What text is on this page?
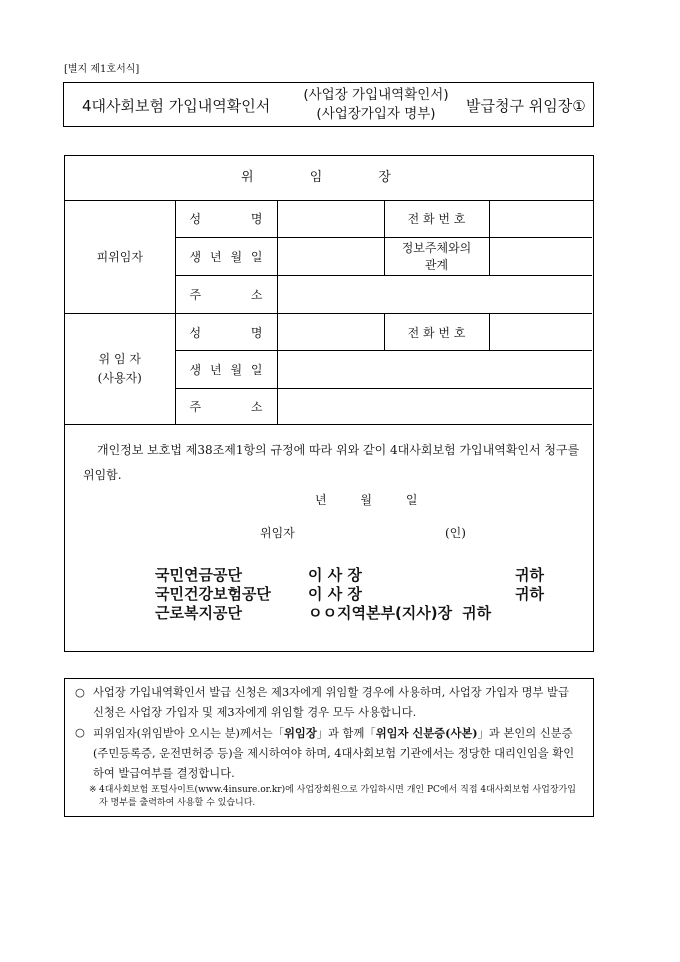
[별지 제1호서식]
4대사회보험 가입내역확인서
(사업장 가입내역확인서)
(사업장가입자 명부)	발급청구 위임장①
위 임 장
피위임자	성 명		전 화 번 호	
	생 년 월 일		정보주체와의
관계	

	주 소			

위 임 자
(사용자)	성 명		전 화 번 호	
	생 년 월 일			
	주 소			
개인정보 보호법 제38조제1항의 규정에 따라 위와 같이 4대사회보험 가입내역확인서 청구를 위임함.
년 월 일
위임자	(인)
국민연금공단	이 사 장	귀하
국민건강보험공단	이 사 장	귀하
근로복지공단	ㅇㅇ지역본부(지사)장 귀하
○ 사업장 가입내역확인서 발급 신청은 제3자에게 위임할 경우에 사용하며, 사업장 가입자 명부 발급 신청은 사업장 가입자 및 제3자에게 위임할 경우 모두 사용합니다.
○ 피위임자(위임받아 오시는 분)께서는「위임장」과 함께「위임자 신분증(사본)」과 본인의 신분증(주민등록증, 운전면허증 등)을 제시하여야 하며, 4대사회보험 기관에서는 정당한 대리인임을 확인하여 발급여부를 결정합니다.
※ 4대사회보험 포털사이트(www.4insure.or.kr)에 사업장회원으로 가입하시면 개인 PC에서 직접 4대사회보험 사업장가입자 명부를 출력하여 사용할 수 있습니다.
